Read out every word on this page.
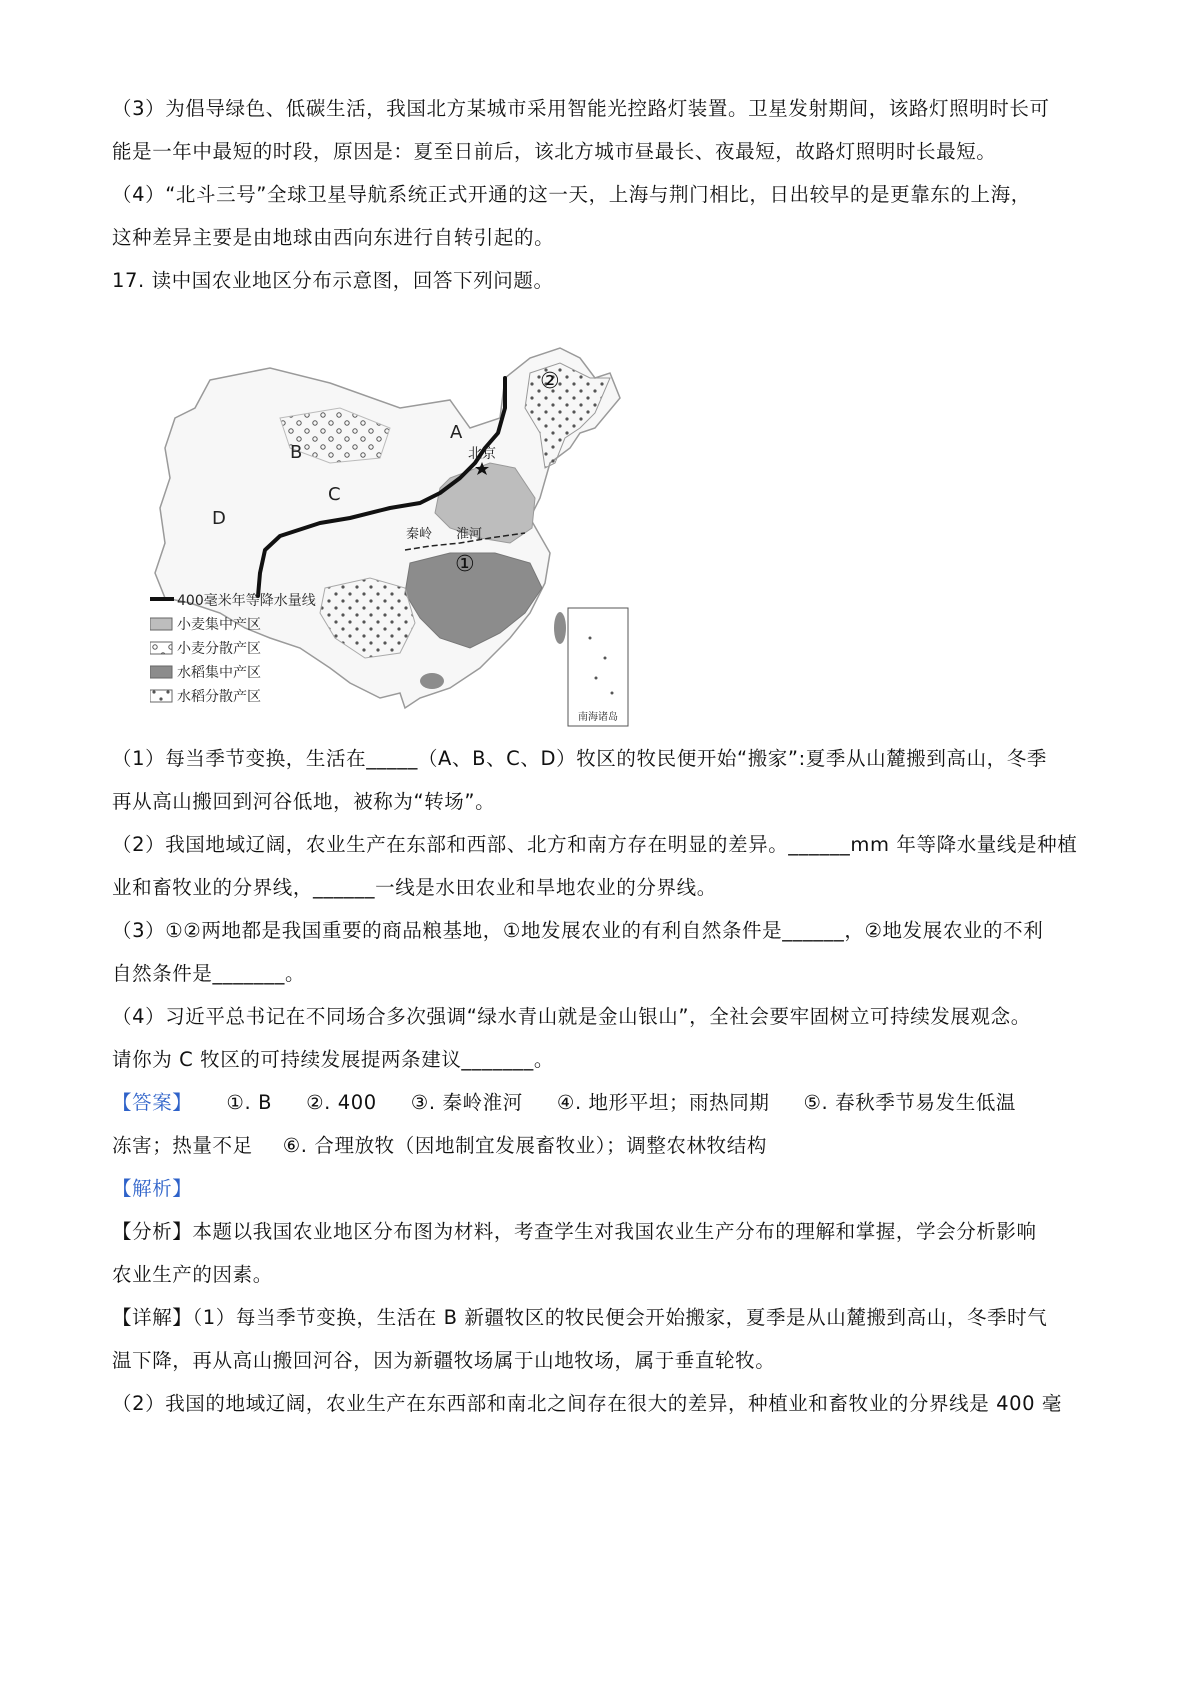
（3）为倡导绿色、低碳生活，我国北方某城市采用智能光控路灯装置。卫星发射期间，该路灯照明时长可
能是一年中最短的时段，原因是：夏至日前后，该北方城市昼最长、夜最短，故路灯照明时长最短。
（4）“北斗三号”全球卫星导航系统正式开通的这一天，上海与荆门相比，日出较早的是更靠东的上海，
这种差异主要是由地球由西向东进行自转引起的。
17. 读中国农业地区分布示意图，回答下列问题。
A
B
C
D
北京
秦岭 淮河
①
②
南海诸岛
400毫米年等降水量线
小麦集中产区
小麦分散产区
水稻集中产区
水稻分散产区
（1）每当季节变换，生活在_____（A、B、C、D）牧区的牧民便开始“搬家”:夏季从山麓搬到高山，冬季
再从高山搬回到河谷低地，被称为“转场”。
（2）我国地域辽阔，农业生产在东部和西部、北方和南方存在明显的差异。______mm 年等降水量线是种植
业和畜牧业的分界线，______一线是水田农业和旱地农业的分界线。
（3）①②两地都是我国重要的商品粮基地，①地发展农业的有利自然条件是______，②地发展农业的不利
自然条件是_______。
（4）习近平总书记在不同场合多次强调“绿水青山就是金山银山”，全社会要牢固树立可持续发展观念。
请你为 C 牧区的可持续发展提两条建议_______。
【答案】 ①. B ②. 400 ③. 秦岭淮河 ④. 地形平坦；雨热同期 ⑤. 春秋季节易发生低温
冻害；热量不足 ⑥. 合理放牧（因地制宜发展畜牧业）；调整农林牧结构
【解析】
【分析】本题以我国农业地区分布图为材料，考查学生对我国农业生产分布的理解和掌握，学会分析影响
农业生产的因素。
【详解】（1）每当季节变换，生活在 B 新疆牧区的牧民便会开始搬家，夏季是从山麓搬到高山，冬季时气
温下降，再从高山搬回河谷，因为新疆牧场属于山地牧场，属于垂直轮牧。
（2）我国的地域辽阔，农业生产在东西部和南北之间存在很大的差异，种植业和畜牧业的分界线是 400 毫
